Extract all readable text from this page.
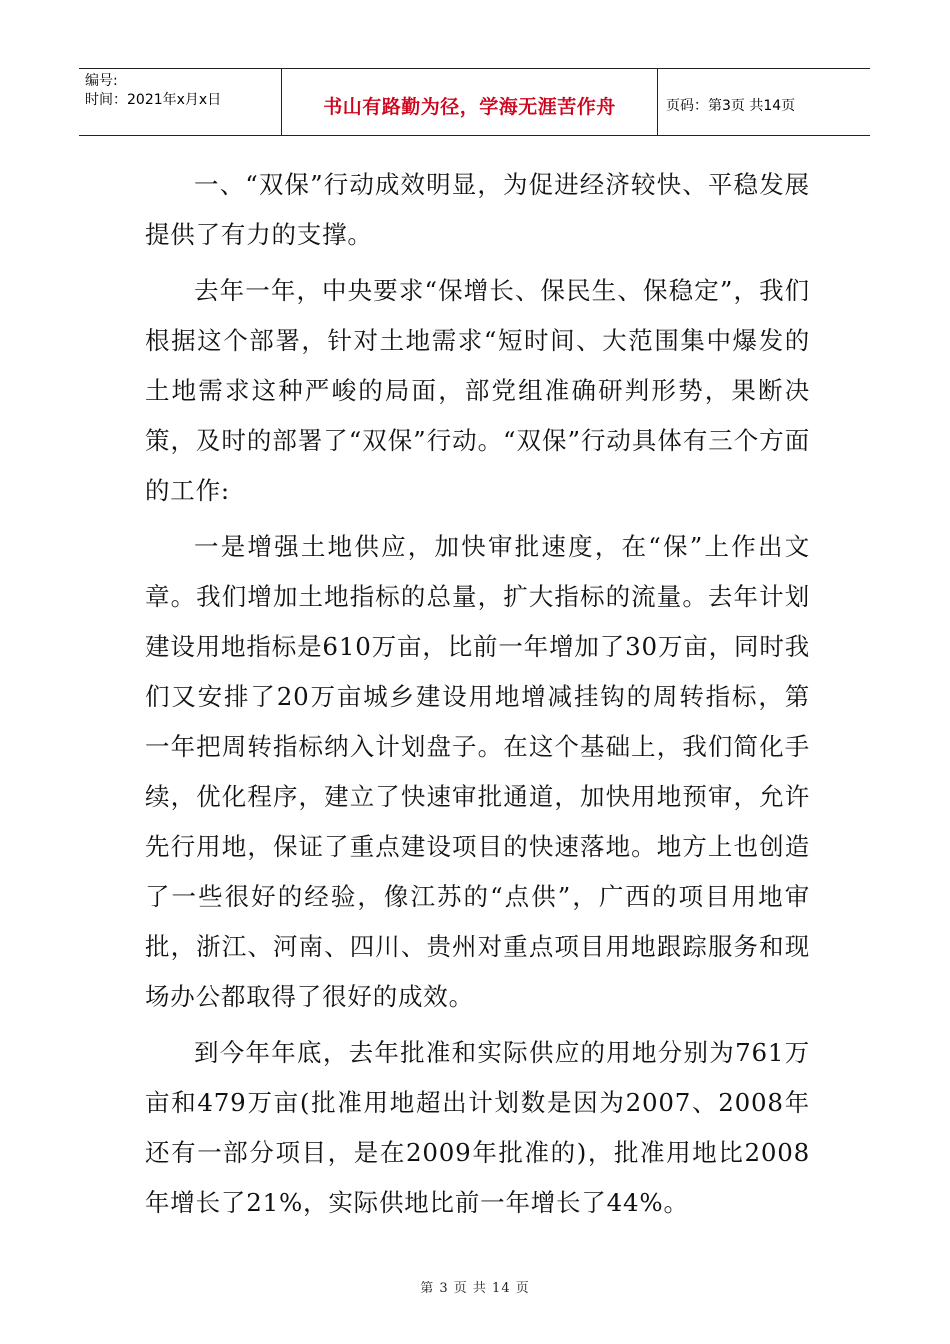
编号:
时间：2021年x月x日	书山有路勤为径，学海无涯苦作舟	页码：第3页 共14页

一、“双保”行动成效明显，为促进经济较快、平稳发展提供了有力的支撑。

去年一年，中央要求“保增长、保民生、保稳定”，我们根据这个部署，针对土地需求“短时间、大范围集中爆发的土地需求这种严峻的局面，部党组准确研判形势，果断决策，及时的部署了“双保”行动。“双保”行动具体有三个方面的工作:

一是增强土地供应，加快审批速度，在“保”上作出文章。我们增加土地指标的总量，扩大指标的流量。去年计划建设用地指标是610万亩，比前一年增加了30万亩，同时我们又安排了20万亩城乡建设用地增减挂钩的周转指标，第一年把周转指标纳入计划盘子。在这个基础上，我们简化手续，优化程序，建立了快速审批通道，加快用地预审，允许先行用地，保证了重点建设项目的快速落地。地方上也创造了一些很好的经验，像江苏的“点供”，广西的项目用地审批，浙江、河南、四川、贵州对重点项目用地跟踪服务和现场办公都取得了很好的成效。

到今年年底，去年批准和实际供应的用地分别为761万亩和479万亩(批准用地超出计划数是因为2007、2008年还有一部分项目，是在2009年批准的)，批准用地比2008年增长了21%，实际供地比前一年增长了44%。

第 3 页 共 14 页
